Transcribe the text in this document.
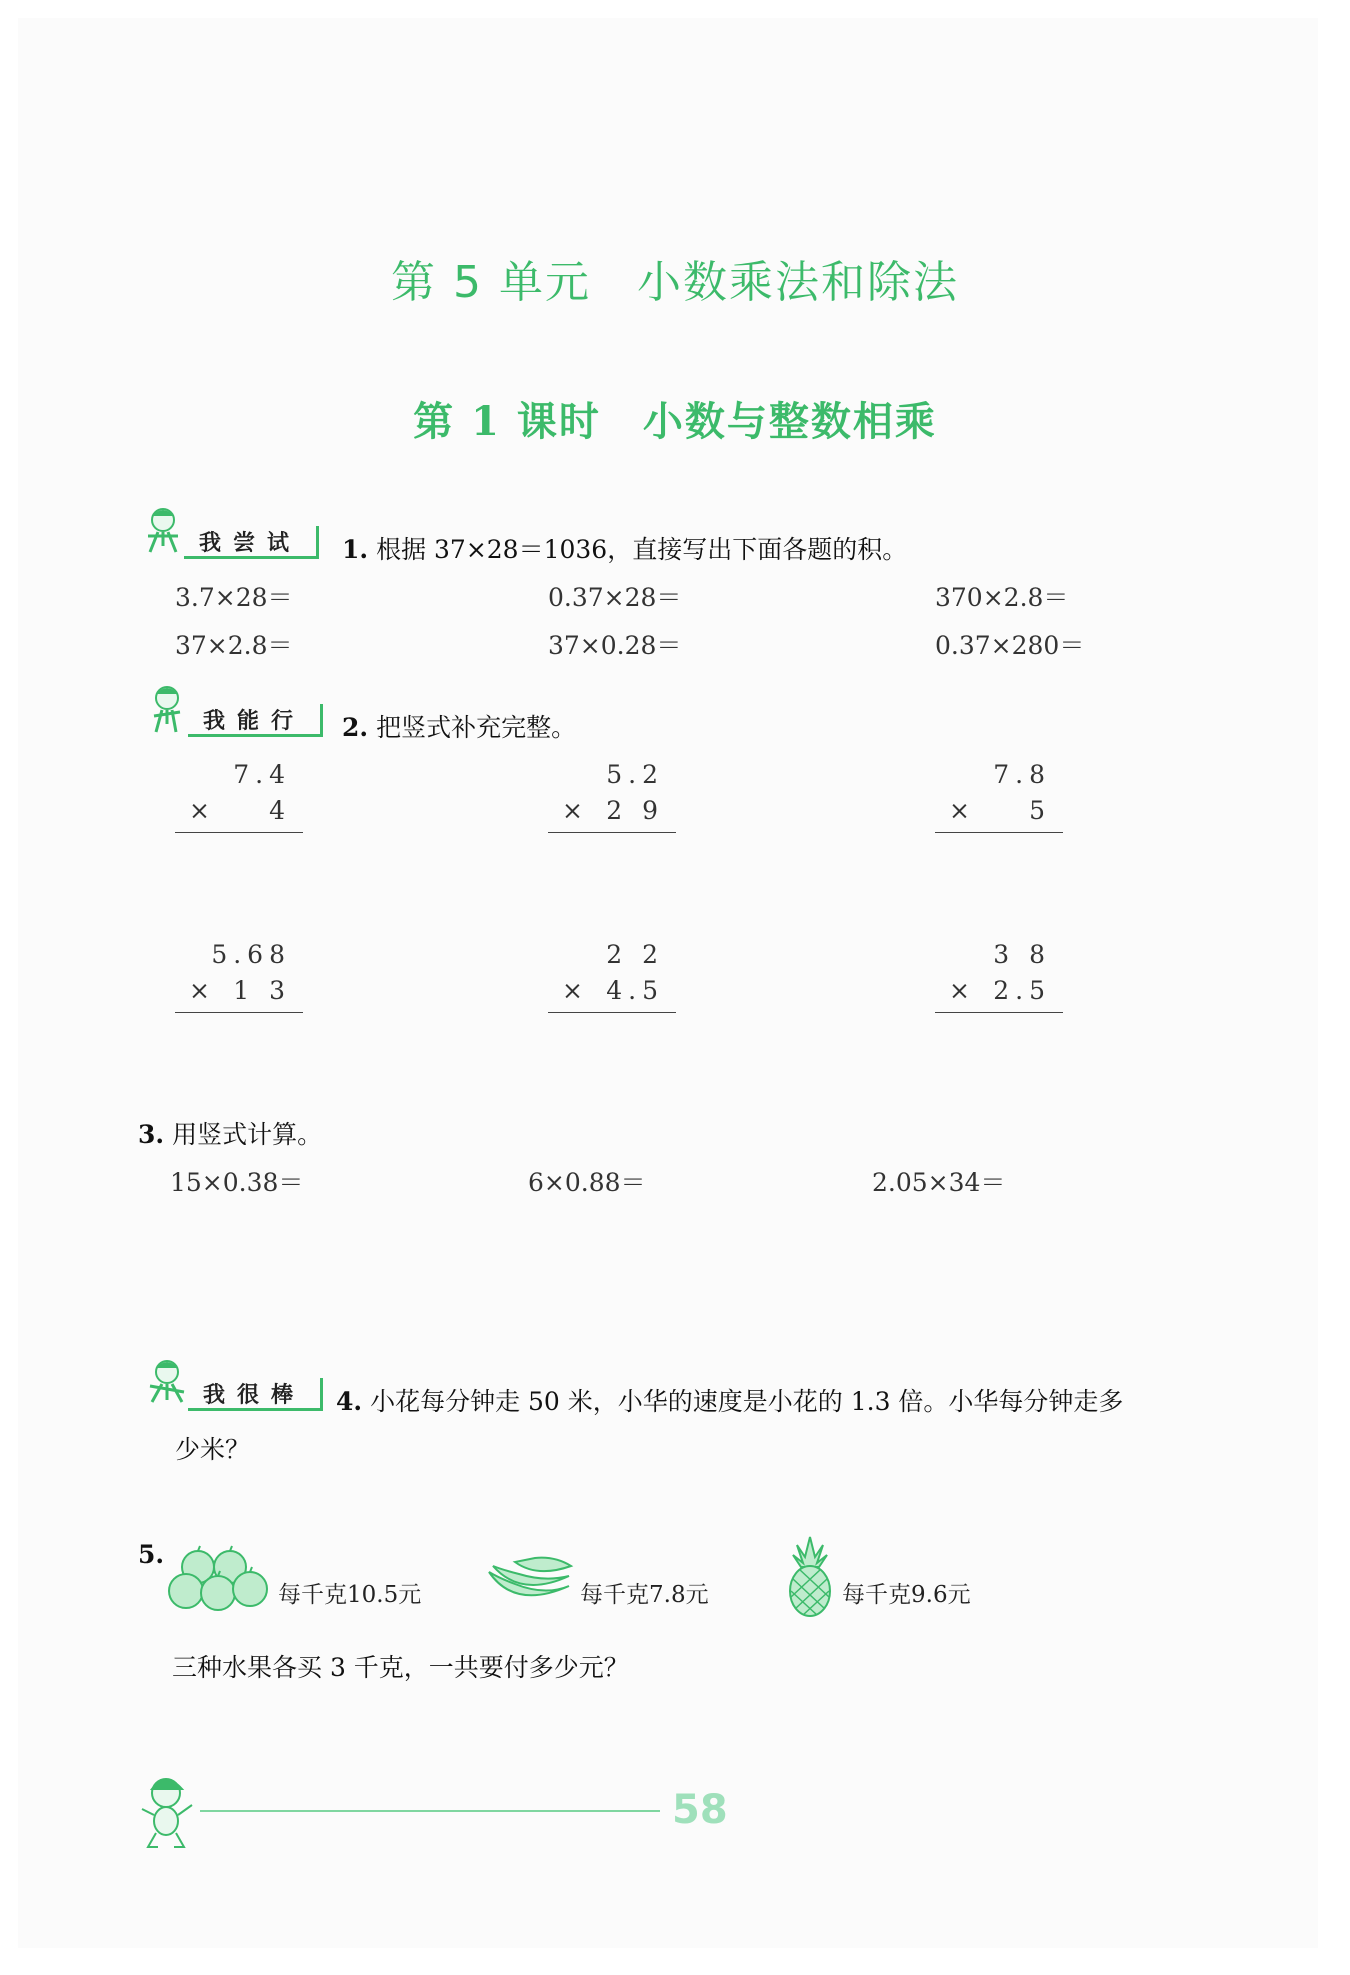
第 5 单元　小数乘法和除法
第 1 课时　小数与整数相乘
我尝试	1. 根据 37×28＝1036，直接写出下面各题的积。
3.7×28＝	0.37×28＝	370×2.8＝
37×2.8＝	37×0.28＝	0.37×280＝
我能行	2. 把竖式补充完整。
7.4
× 4
5.2
× 2 9
7.8
× 5
5.68
× 1 3
2 2
× 4.5
3 8
× 2.5
3. 用竖式计算。
15×0.38＝	6×0.88＝	2.05×34＝
我很棒	4. 小花每分钟走 50 米，小华的速度是小花的 1.3 倍。小华每分钟走多
少米？
5.
每千克10.5元	每千克7.8元	每千克9.6元
三种水果各买 3 千克，一共要付多少元？
58
